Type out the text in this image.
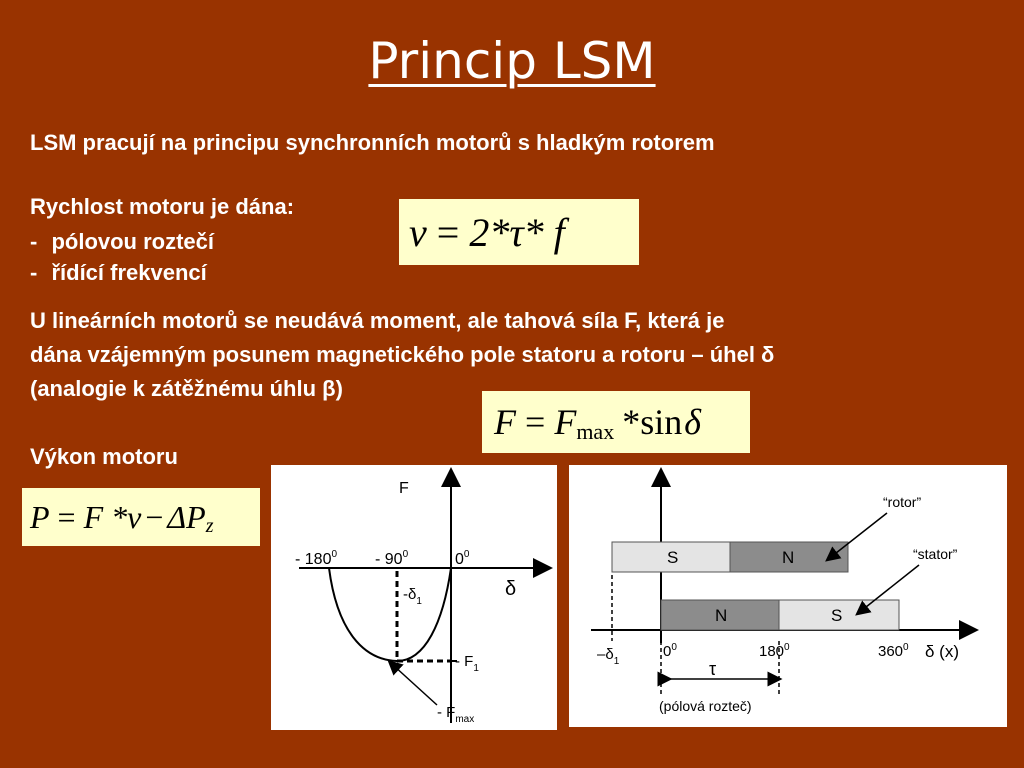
Princip LSM
LSM pracují na principu synchronních motorů s hladkým rotorem
Rychlost motoru je dána:
- pólovou roztečí
- řídící frekvencí
v = 2*τ* f
U lineárních motorů se neudává moment, ale tahová síla F, která je
dána vzájemným posunem magnetického pole statoru a rotoru – úhel δ
(analogie k zátěžnému úhlu β)
F = F max * sin δ
Výkon motoru
P = F *v − ΔP z
F
δ
- $180^0 - 90^0$	$0^0$
$-\delta_1$
- $F_1$
- $F_{max}$
S	N
N	S
“rotor”
“stator”
$-\delta_1$
$0^0$	$180^0$	$360^0$ δ (x)
τ
(pólová rozteč)
